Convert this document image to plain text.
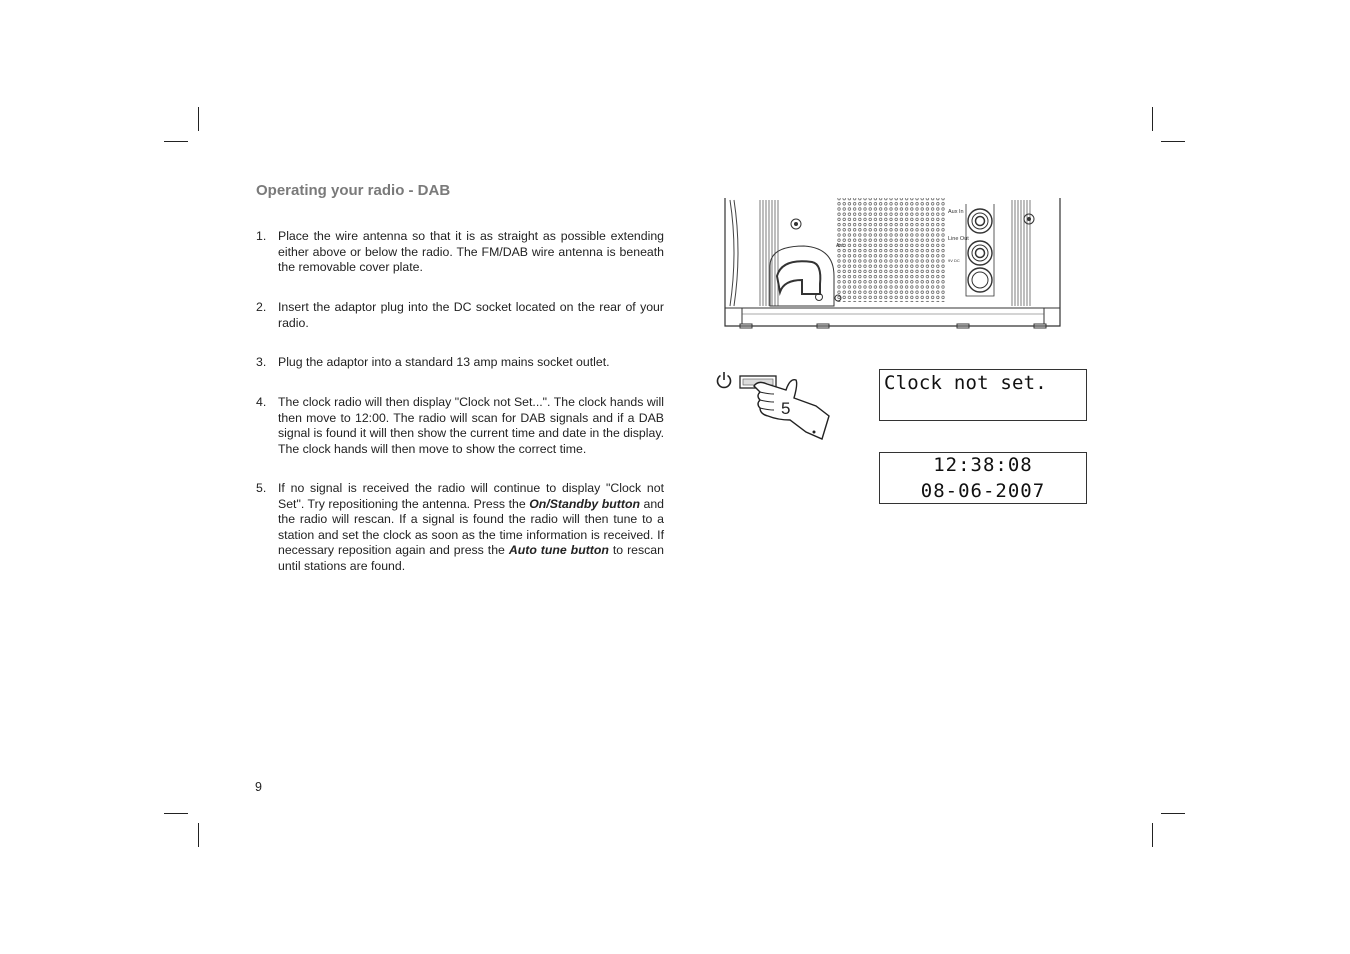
Operating your radio - DAB
1. Place the wire antenna so that it is as straight as possible extending either above or below the radio. The FM/DAB wire antenna is beneath the removable cover plate.
2. Insert the adaptor plug into the DC socket located on the rear of your radio.
3. Plug the adaptor into a standard 13 amp mains socket outlet.
4. The clock radio will then display "Clock not Set...". The clock hands will then move to 12:00. The radio will scan for DAB signals and if a DAB signal is found it will then show the current time and date in the display. The clock hands will then move to show the correct time.
5. If no signal is received the radio will continue to display "Clock not Set". Try repositioning the antenna. Press the On/Standby button and the radio will rescan. If a signal is found the radio will then tune to a station and set the clock as soon as the time information is received. If necessary reposition again and press the Auto tune button to rescan until stations are found.
9
Aux In
Line Out
9V DC
Ant.
5
Clock not set.
12:38:08
08-06-2007
